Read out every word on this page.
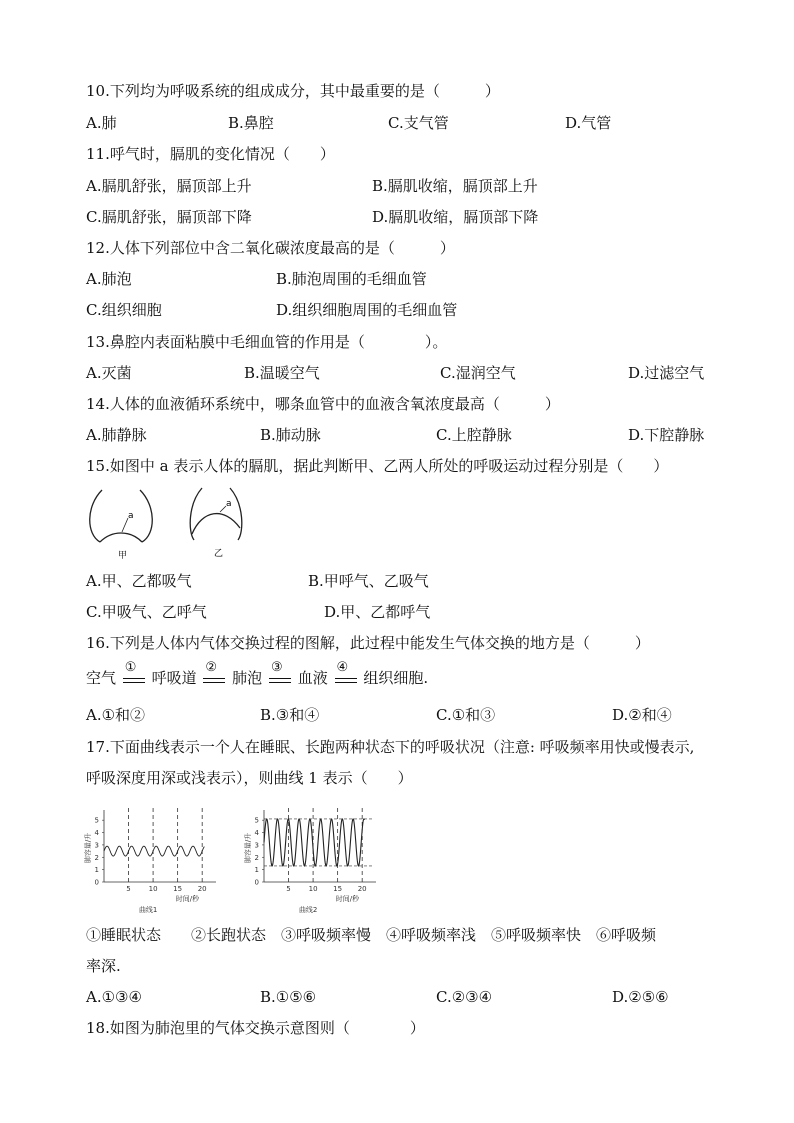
10.下列均为呼吸系统的组成成分，其中最重要的是（　　　）
A.肺	B.鼻腔	C.支气管	D.气管
11.呼气时，膈肌的变化情况（　　）
A.膈肌舒张，膈顶部上升	B.膈肌收缩，膈顶部上升
C.膈肌舒张，膈顶部下降	D.膈肌收缩，膈顶部下降
12.人体下列部位中含二氧化碳浓度最高的是（　　　）
A.肺泡	B.肺泡周围的毛细血管
C.组织细胞	D.组织细胞周围的毛细血管
13.鼻腔内表面粘膜中毛细血管的作用是（　　　　）。
A.灭菌	B.温暖空气	C.湿润空气	D.过滤空气
14.人体的血液循环系统中，哪条血管中的血液含氧浓度最高（　　　）
A.肺静脉	B.肺动脉	C.上腔静脉	D.下腔静脉
15.如图中 a 表示人体的膈肌，据此判断甲、乙两人所处的呼吸运动过程分别是（　　）
a
甲
a
乙
A.甲、乙都吸气	B.甲呼气、乙吸气
C.甲吸气、乙呼气	D.甲、乙都呼气
16.下列是人体内气体交换过程的图解，此过程中能发生气体交换的地方是（　　　）
空气
①
呼吸道
②
肺泡
③
血液
④
组织细胞.
A.①和②	B.③和④	C.①和③	D.②和④
17.下面曲线表示一个人在睡眠、长跑两种状态下的呼吸状况（注意: 呼吸频率用快或慢表示,
呼吸深度用深或浅表示），则曲线 1 表示（　　）
0
1
2
3
4
5
5	10 15 20
肺容量/升
时间/秒
曲线1
0
1
2
3
4
5
5	10 15 20
肺容量/升
时间/秒
曲线2
①睡眠状态　　②长跑状态　③呼吸频率慢　④呼吸频率浅　⑤呼吸频率快　⑥呼吸频
率深.
A.①③④	B.①⑤⑥	C.②③④	D.②⑤⑥
18.如图为肺泡里的气体交换示意图则（　　　　）
